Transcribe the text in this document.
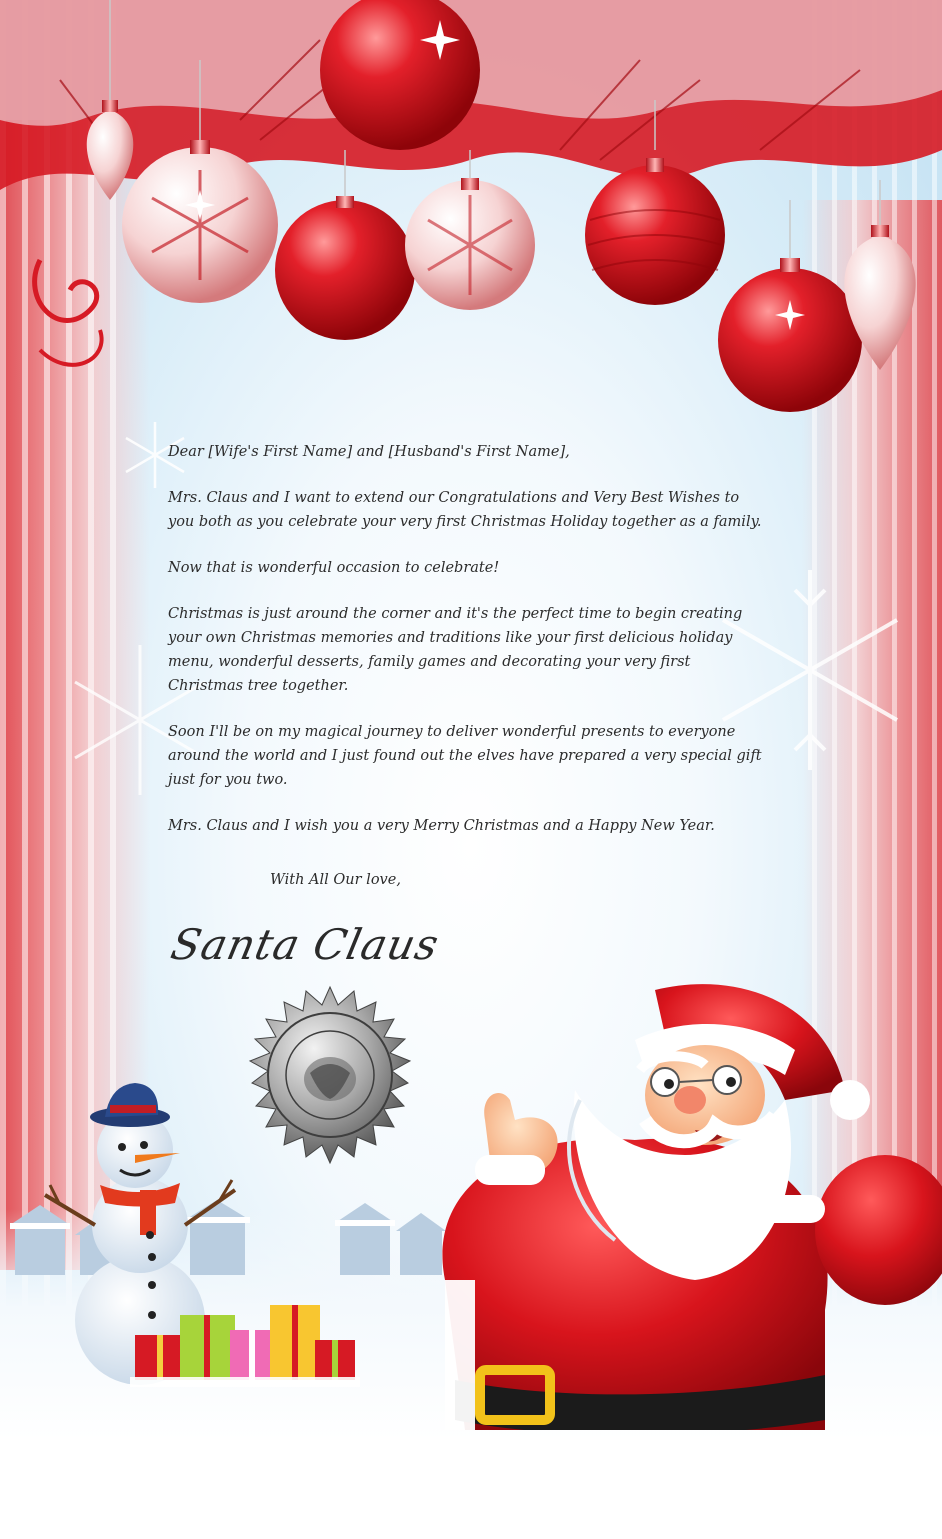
Dear [Wife's First Name] and [Husband's First Name],

Mrs. Claus and I want to extend our Congratulations and Very Best Wishes to you both as you celebrate your very first Christmas Holiday together as a family.

Now that is wonderful occasion to celebrate!

Christmas is just around the corner and it's the perfect time to begin creating your own Christmas memories and traditions like your first delicious holiday menu, wonderful desserts, family games and decorating your very first Christmas tree together.

Soon I'll be on my magical journey to deliver wonderful presents to everyone around the world and I just found out the elves have prepared a very special gift just for you two.

Mrs. Claus and I wish you a very Merry Christmas and a Happy New Year.

With All Our love,
Santa Claus
